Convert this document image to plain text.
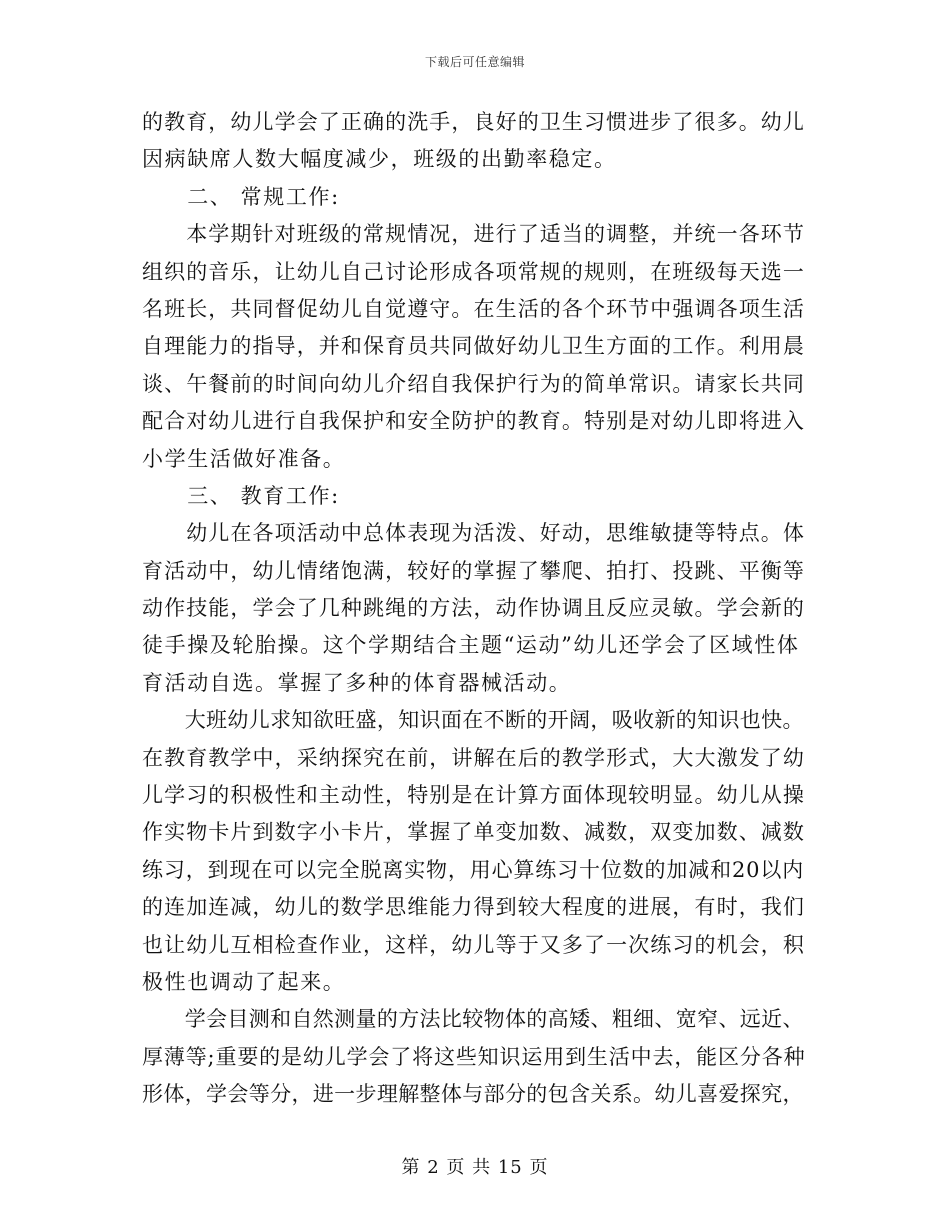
下载后可任意编辑
的教育，幼儿学会了正确的洗手，良好的卫生习惯进步了很多。幼儿
因病缺席人数大幅度减少，班级的出勤率稳定。
　　二、 常规工作:
　　本学期针对班级的常规情况，进行了适当的调整，并统一各环节
组织的音乐，让幼儿自己讨论形成各项常规的规则，在班级每天选一
名班长，共同督促幼儿自觉遵守。在生活的各个环节中强调各项生活
自理能力的指导，并和保育员共同做好幼儿卫生方面的工作。利用晨
谈、午餐前的时间向幼儿介绍自我保护行为的简单常识。请家长共同
配合对幼儿进行自我保护和安全防护的教育。特别是对幼儿即将进入
小学生活做好准备。
　　三、 教育工作:
　　幼儿在各项活动中总体表现为活泼、好动，思维敏捷等特点。体
育活动中，幼儿情绪饱满，较好的掌握了攀爬、拍打、投跳、平衡等
动作技能，学会了几种跳绳的方法，动作协调且反应灵敏。学会新的
徒手操及轮胎操。这个学期结合主题“运动”幼儿还学会了区域性体
育活动自选。掌握了多种的体育器械活动。
　　大班幼儿求知欲旺盛，知识面在不断的开阔，吸收新的知识也快。
在教育教学中，采纳探究在前，讲解在后的教学形式，大大激发了幼
儿学习的积极性和主动性，特别是在计算方面体现较明显。幼儿从操
作实物卡片到数字小卡片，掌握了单变加数、减数，双变加数、减数
练习，到现在可以完全脱离实物，用心算练习十位数的加减和20以内
的连加连减，幼儿的数学思维能力得到较大程度的进展，有时，我们
也让幼儿互相检查作业，这样，幼儿等于又多了一次练习的机会，积
极性也调动了起来。
　　学会目测和自然测量的方法比较物体的高矮、粗细、宽窄、远近、
厚薄等;重要的是幼儿学会了将这些知识运用到生活中去，能区分各种
形体，学会等分，进一步理解整体与部分的包含关系。幼儿喜爱探究，
第 2 页 共 15 页
